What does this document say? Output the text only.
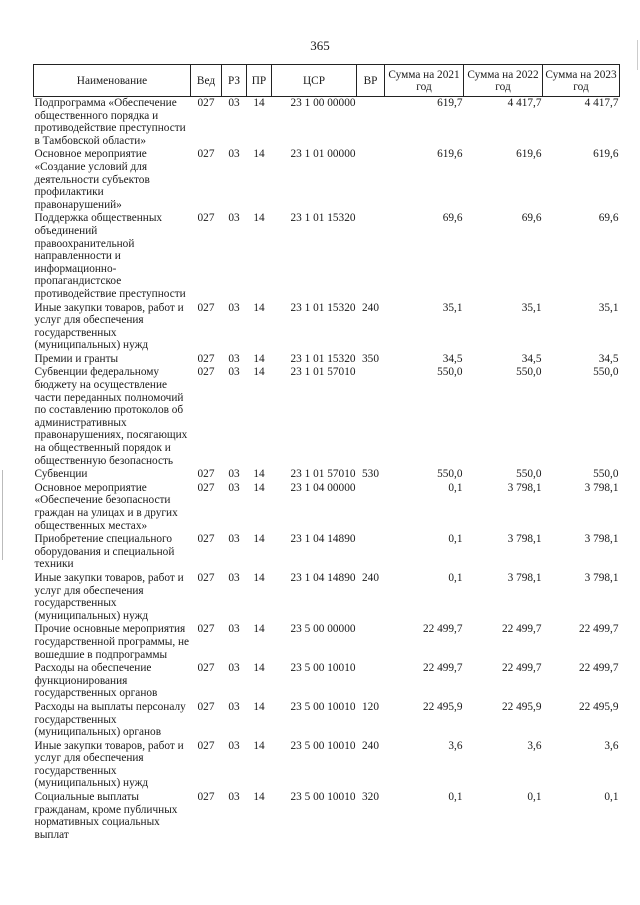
365
Наименование	Вед	РЗ	ПР	ЦСР	ВР	Сумма на 2021 год	Сумма на 2022 год	Сумма на 2023 год
Подпрограмма «Обеспечение общественного порядка и противодействие преступности в Тамбовской области»	027	03	14	23 1 00 00000		619,7	4 417,7	4 417,7
Основное мероприятие «Создание условий для деятельности субъектов профилактики правонарушений»	027	03	14	23 1 01 00000		619,6	619,6	619,6
Поддержка общественных объединений правоохранительной направленности и информационно-пропагандистское противодействие преступности	027	03	14	23 1 01 15320		69,6	69,6	69,6
Иные закупки товаров, работ и услуг для обеспечения государственных (муниципальных) нужд	027	03	14	23 1 01 15320	240	35,1	35,1	35,1
Премии и гранты	027	03	14	23 1 01 15320	350	34,5	34,5	34,5
Субвенции федеральному бюджету на осуществление части переданных полномочий по составлению протоколов об административных правонарушениях, посягающих на общественный порядок и общественную безопасность	027	03	14	23 1 01 57010		550,0	550,0	550,0
Субвенции	027	03	14	23 1 01 57010	530	550,0	550,0	550,0
Основное мероприятие «Обеспечение безопасности граждан на улицах и в других общественных местах»	027	03	14	23 1 04 00000		0,1	3 798,1	3 798,1
Приобретение специального оборудования и специальной техники	027	03	14	23 1 04 14890		0,1	3 798,1	3 798,1
Иные закупки товаров, работ и услуг для обеспечения государственных (муниципальных) нужд	027	03	14	23 1 04 14890	240	0,1	3 798,1	3 798,1
Прочие основные мероприятия государственной программы, не вошедшие в подпрограммы	027	03	14	23 5 00 00000		22 499,7	22 499,7	22 499,7
Расходы на обеспечение функционирования государственных органов	027	03	14	23 5 00 10010		22 499,7	22 499,7	22 499,7
Расходы на выплаты персоналу государственных (муниципальных) органов	027	03	14	23 5 00 10010	120	22 495,9	22 495,9	22 495,9
Иные закупки товаров, работ и услуг для обеспечения государственных (муниципальных) нужд	027	03	14	23 5 00 10010	240	3,6	3,6	3,6
Социальные выплаты гражданам, кроме публичных нормативных социальных выплат	027	03	14	23 5 00 10010	320	0,1	0,1	0,1
